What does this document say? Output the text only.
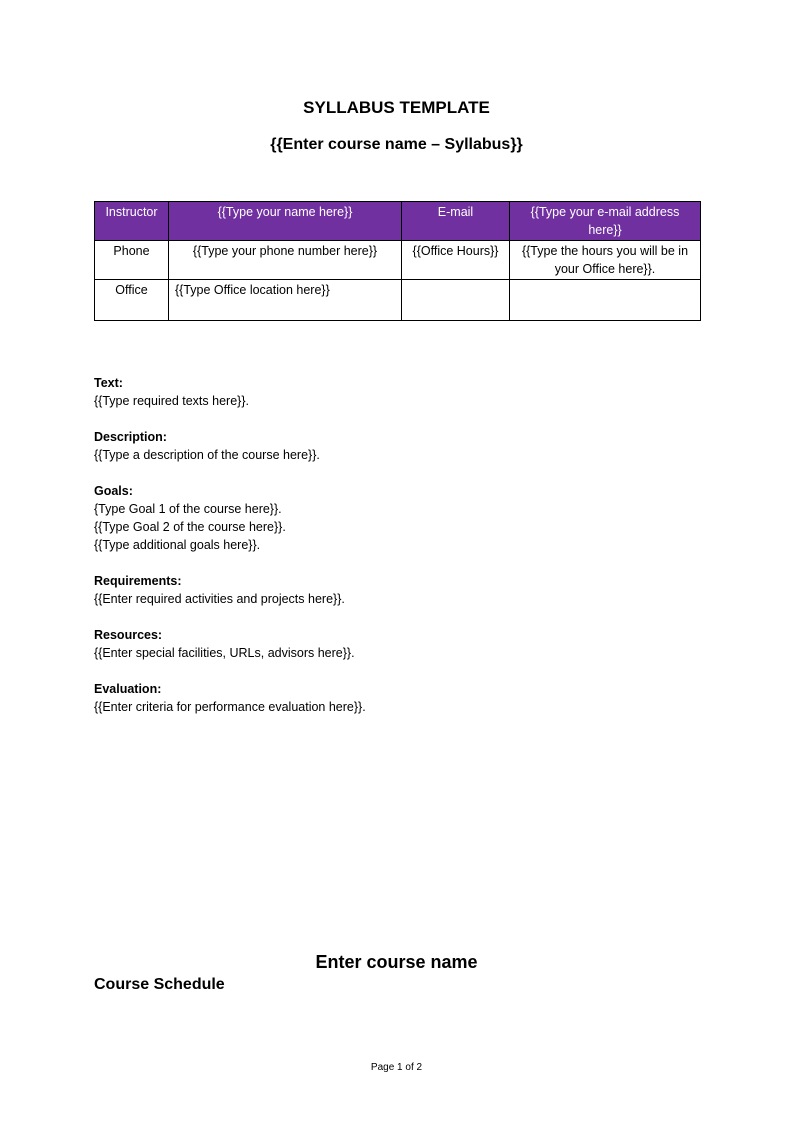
SYLLABUS TEMPLATE
{{Enter course name – Syllabus}}
Instructor	{{Type your name here}}	E-mail	{{Type your e-mail address here}}
Phone	{{Type your phone number here}}	{{Office Hours}}	{{Type the hours you will be in your Office here}}.
Office	{{Type Office location here}}		
Text:
{{Type required texts here}}.
Description:
{{Type a description of the course here}}.
Goals:
{Type Goal 1 of the course here}}.
{{Type Goal 2 of the course here}}.
{{Type additional goals here}}.
Requirements:
{{Enter required activities and projects here}}.
Resources:
{{Enter special facilities, URLs, advisors here}}.
Evaluation:
{{Enter criteria for performance evaluation here}}.
Enter course name
Course Schedule
Page 1 of 2
